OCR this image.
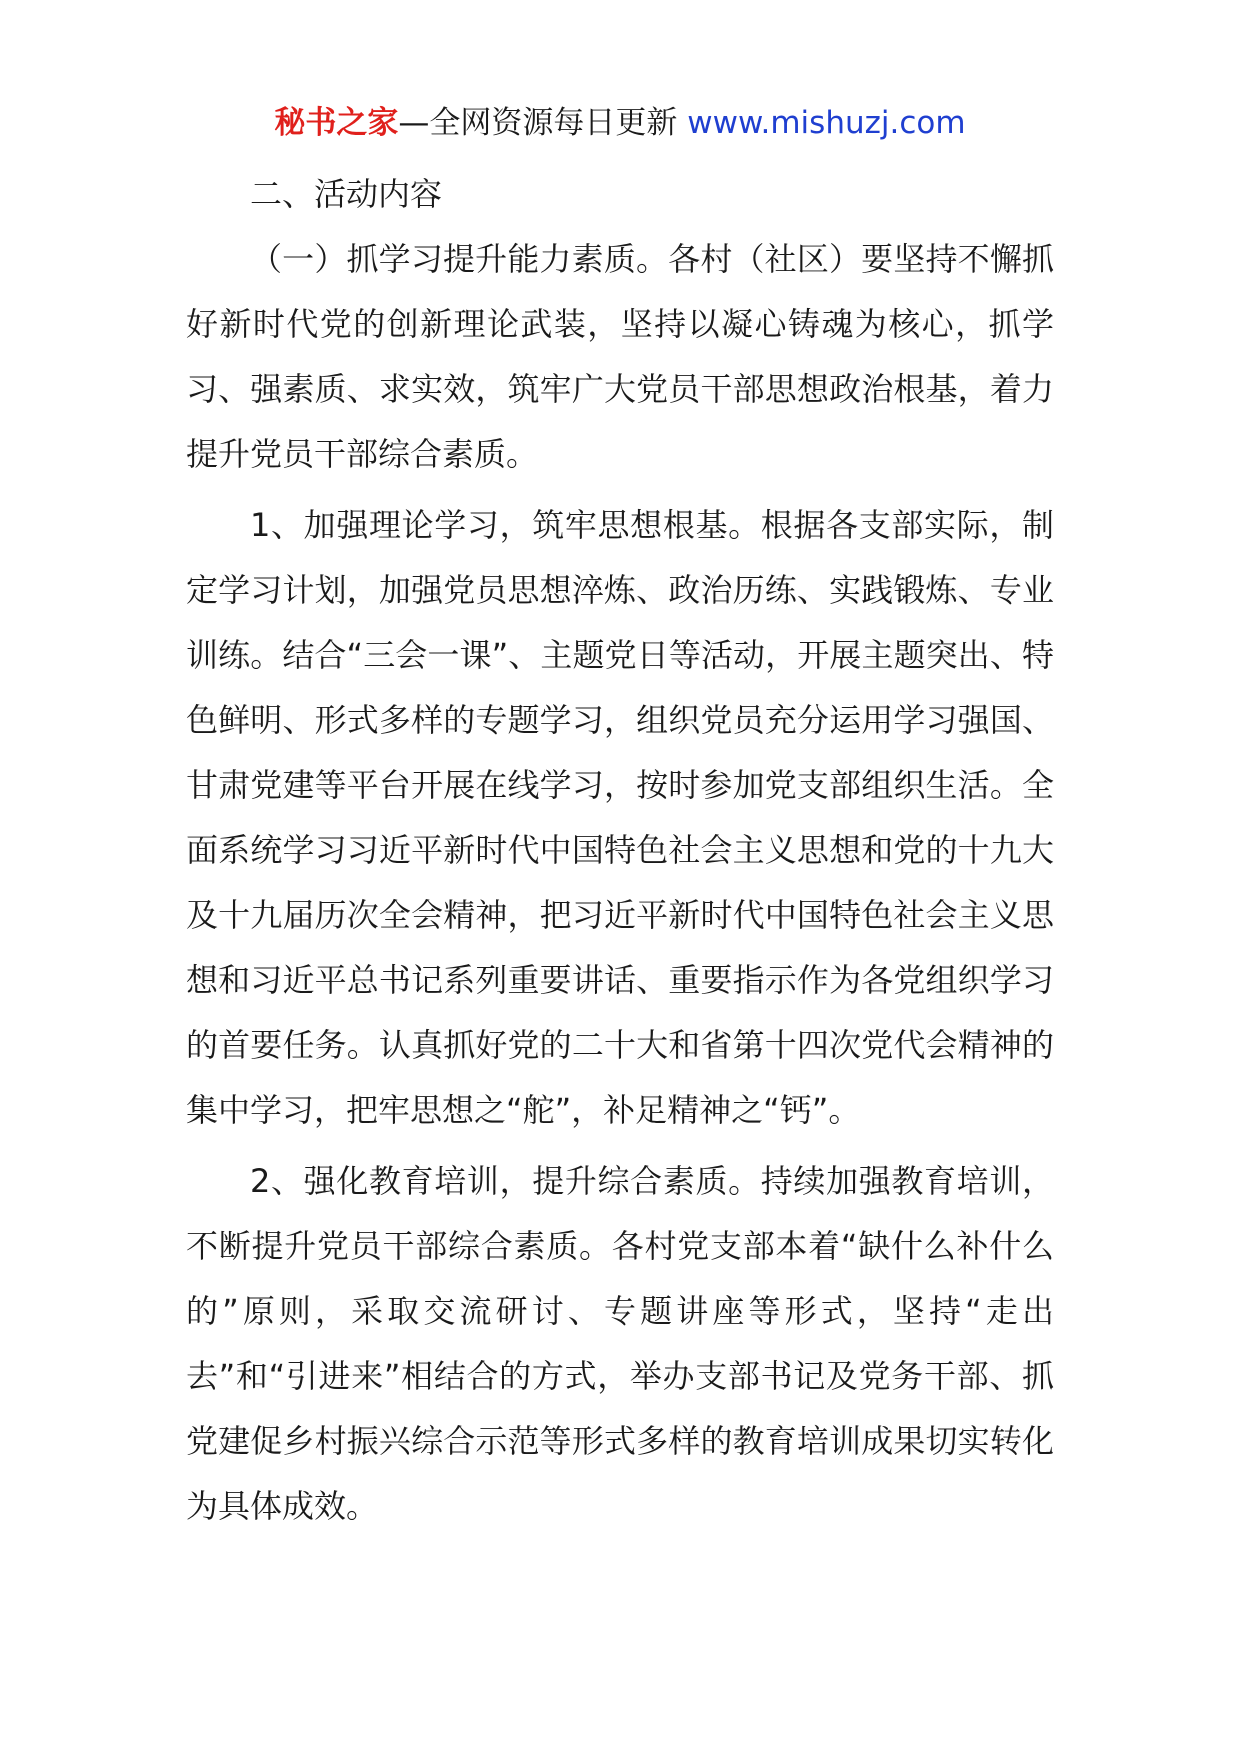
秘书之家—全网资源每日更新 www.mishuzj.com

二、活动内容

（一）抓学习提升能力素质。各村（社区）要坚持不懈抓好新时代党的创新理论武装，坚持以凝心铸魂为核心，抓学习、强素质、求实效，筑牢广大党员干部思想政治根基，着力提升党员干部综合素质。

1、加强理论学习，筑牢思想根基。根据各支部实际，制定学习计划，加强党员思想淬炼、政治历练、实践锻炼、专业训练。结合“三会一课”、主题党日等活动，开展主题突出、特色鲜明、形式多样的专题学习，组织党员充分运用学习强国、甘肃党建等平台开展在线学习，按时参加党支部组织生活。全面系统学习习近平新时代中国特色社会主义思想和党的十九大及十九届历次全会精神，把习近平新时代中国特色社会主义思想和习近平总书记系列重要讲话、重要指示作为各党组织学习的首要任务。认真抓好党的二十大和省第十四次党代会精神的集中学习，把牢思想之“舵”，补足精神之“钙”。

2、强化教育培训，提升综合素质。持续加强教育培训，不断提升党员干部综合素质。各村党支部本着“缺什么补什么的”原则，采取交流研讨、专题讲座等形式，坚持“走出去”和“引进来”相结合的方式，举办支部书记及党务干部、抓党建促乡村振兴综合示范等形式多样的教育培训成果切实转化为具体成效。
